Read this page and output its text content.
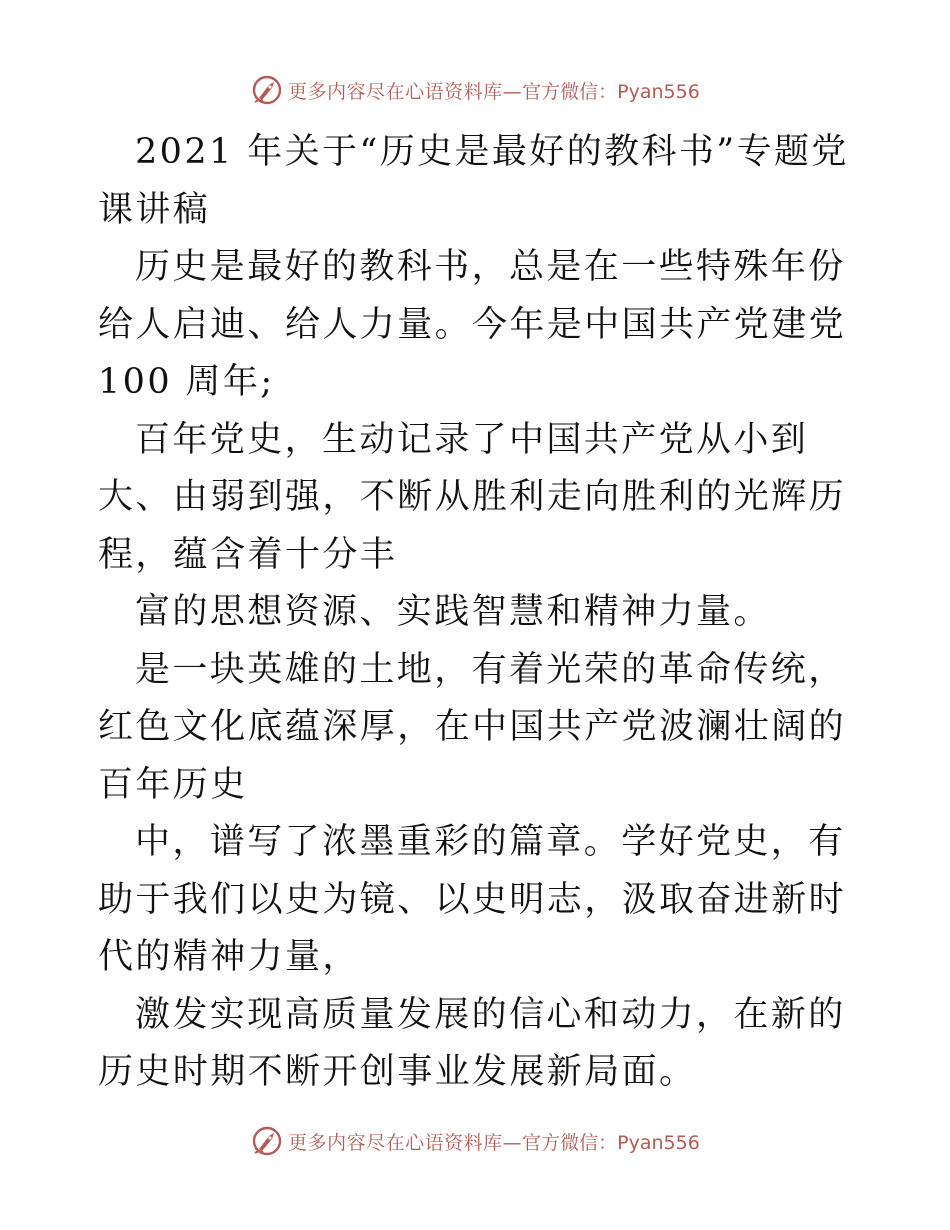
更多内容尽在心语资料库— 官方微信：Pyan556

2021 年关于“历史是最好的教科书”专题党课讲稿

历史是最好的教科书，总是在一些特殊年份给人启迪、给人力量。今年是中国共产党建党 100 周年;

百年党史，生动记录了中国共产党从小到大、由弱到强，不断从胜利走向胜利的光辉历程，蕴含着十分丰

富的思想资源、实践智慧和精神力量。

是一块英雄的土地，有着光荣的革命传统，红色文化底蕴深厚，在中国共产党波澜壮阔的百年历史

中，谱写了浓墨重彩的篇章。学好党史，有助于我们以史为镜、以史明志，汲取奋进新时代的精神力量，

激发实现高质量发展的信心和动力，在新的历史时期不断开创事业发展新局面。

更多内容尽在心语资料库— 官方微信：Pyan556
